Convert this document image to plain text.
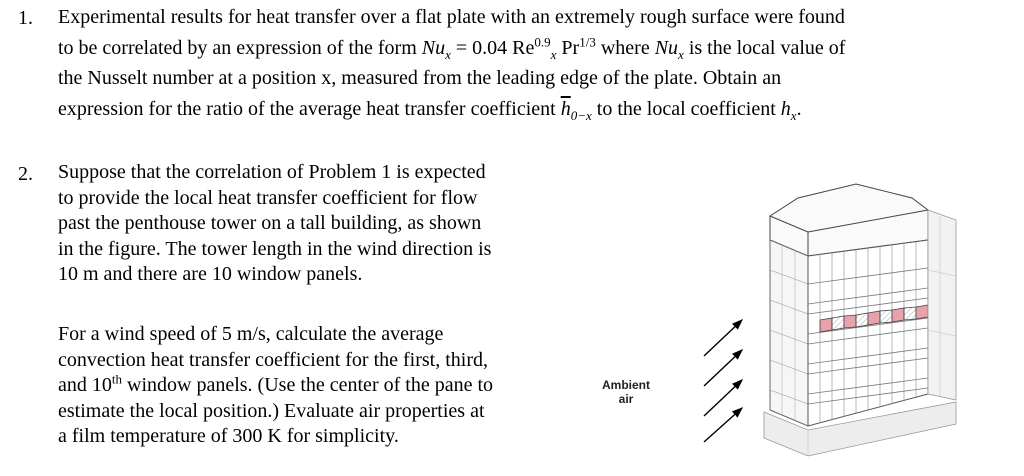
1. Experimental results for heat transfer over a flat plate with an extremely rough surface were found
to be correlated by an expression of the form $Nu_x = 0.04$ $Re^{0.9}_x$ $Pr^{1/3}$ where $Nu_x$ is the local value of
the Nusselt number at a position x, measured from the leading edge of the plate. Obtain an
expression for the ratio of the average heat transfer coefficient $\overline{h}_{0-x}$ to the local coefficient $h_x$.
2. Suppose that the correlation of Problem 1 is expected
to provide the local heat transfer coefficient for flow
past the penthouse tower on a tall building, as shown
in the figure. The tower length in the wind direction is
10 m and there are 10 window panels.
For a wind speed of 5 m/s, calculate the average
convection heat transfer coefficient for the first, third,
and 10th window panels. (Use the center of the pane to
estimate the local position.) Evaluate air properties at
a film temperature of 300 K for simplicity.
Ambient
air
